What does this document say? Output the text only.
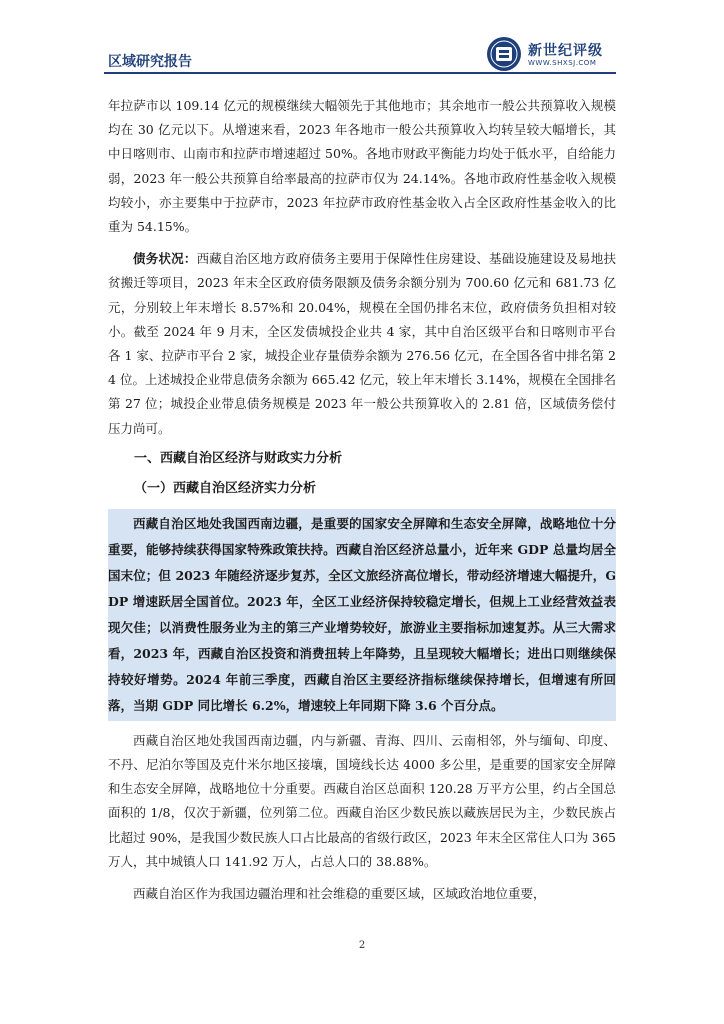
区域研究报告
新世纪评级
WWW.SHXSJ.COM

年拉萨市以 109.14 亿元的规模继续大幅领先于其他地市；其余地市一般公共预算收入规模均在 30 亿元以下。从增速来看，2023 年各地市一般公共预算收入均转呈较大幅增长，其中日喀则市、山南市和拉萨市增速超过 50%。各地市财政平衡能力均处于低水平，自给能力弱，2023 年一般公共预算自给率最高的拉萨市仅为 24.14%。各地市政府性基金收入规模均较小，亦主要集中于拉萨市，2023 年拉萨市政府性基金收入占全区政府性基金收入的比重为 54.15%。

债务状况：西藏自治区地方政府债务主要用于保障性住房建设、基础设施建设及易地扶贫搬迁等项目，2023 年末全区政府债务限额及债务余额分别为 700.60 亿元和 681.73 亿元，分别较上年末增长 8.57%和 20.04%，规模在全国仍排名末位，政府债务负担相对较小。截至 2024 年 9 月末，全区发债城投企业共 4 家，其中自治区级平台和日喀则市平台各 1 家、拉萨市平台 2 家，城投企业存量债券余额为 276.56 亿元，在全国各省中排名第 24 位。上述城投企业带息债务余额为 665.42 亿元，较上年末增长 3.14%，规模在全国排名第 27 位；城投企业带息债务规模是 2023 年一般公共预算收入的 2.81 倍，区域债务偿付压力尚可。

一、西藏自治区经济与财政实力分析

（一）西藏自治区经济实力分析

西藏自治区地处我国西南边疆，是重要的国家安全屏障和生态安全屏障，战略地位十分重要，能够持续获得国家特殊政策扶持。西藏自治区经济总量小，近年来 GDP 总量均居全国末位；但 2023 年随经济逐步复苏，全区文旅经济高位增长，带动经济增速大幅提升，GDP 增速跃居全国首位。2023 年，全区工业经济保持较稳定增长，但规上工业经营效益表现欠佳；以消费性服务业为主的第三产业增势较好，旅游业主要指标加速复苏。从三大需求看，2023 年，西藏自治区投资和消费扭转上年降势，且呈现较大幅增长；进出口则继续保持较好增势。2024 年前三季度，西藏自治区主要经济指标继续保持增长，但增速有所回落，当期 GDP 同比增长 6.2%，增速较上年同期下降 3.6 个百分点。

西藏自治区地处我国西南边疆，内与新疆、青海、四川、云南相邻，外与缅甸、印度、不丹、尼泊尔等国及克什米尔地区接壤，国境线长达 4000 多公里，是重要的国家安全屏障和生态安全屏障，战略地位十分重要。西藏自治区总面积 120.28 万平方公里，约占全国总面积的 1/8，仅次于新疆，位列第二位。西藏自治区少数民族以藏族居民为主，少数民族占比超过 90%，是我国少数民族人口占比最高的省级行政区，2023 年末全区常住人口为 365 万人，其中城镇人口 141.92 万人，占总人口的 38.88%。

西藏自治区作为我国边疆治理和社会维稳的重要区域，区域政治地位重要，

2
